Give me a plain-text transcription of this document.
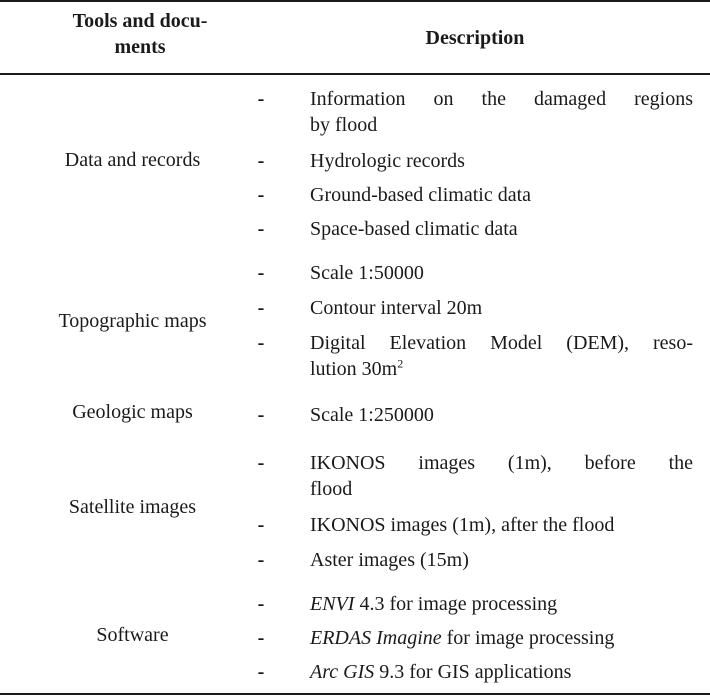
Tools and docu-
ments	Description
Data and records
- Information on the damaged regions
by flood
- Hydrologic records
- Ground-based climatic data
- Space-based climatic data
Topographic maps
- Scale 1:50000
- Contour interval 20m
- Digital Elevation Model (DEM), reso-
lution $30m^2$
Geologic maps	- Scale 1:250000
Satellite images
- IKONOS images (1m), before the
flood
- IKONOS images (1m), after the flood
- Aster images (15m)
Software
- ENVI 4.3 for image processing
- ERDAS Imagine for image processing
- Arc GIS 9.3 for GIS applications
